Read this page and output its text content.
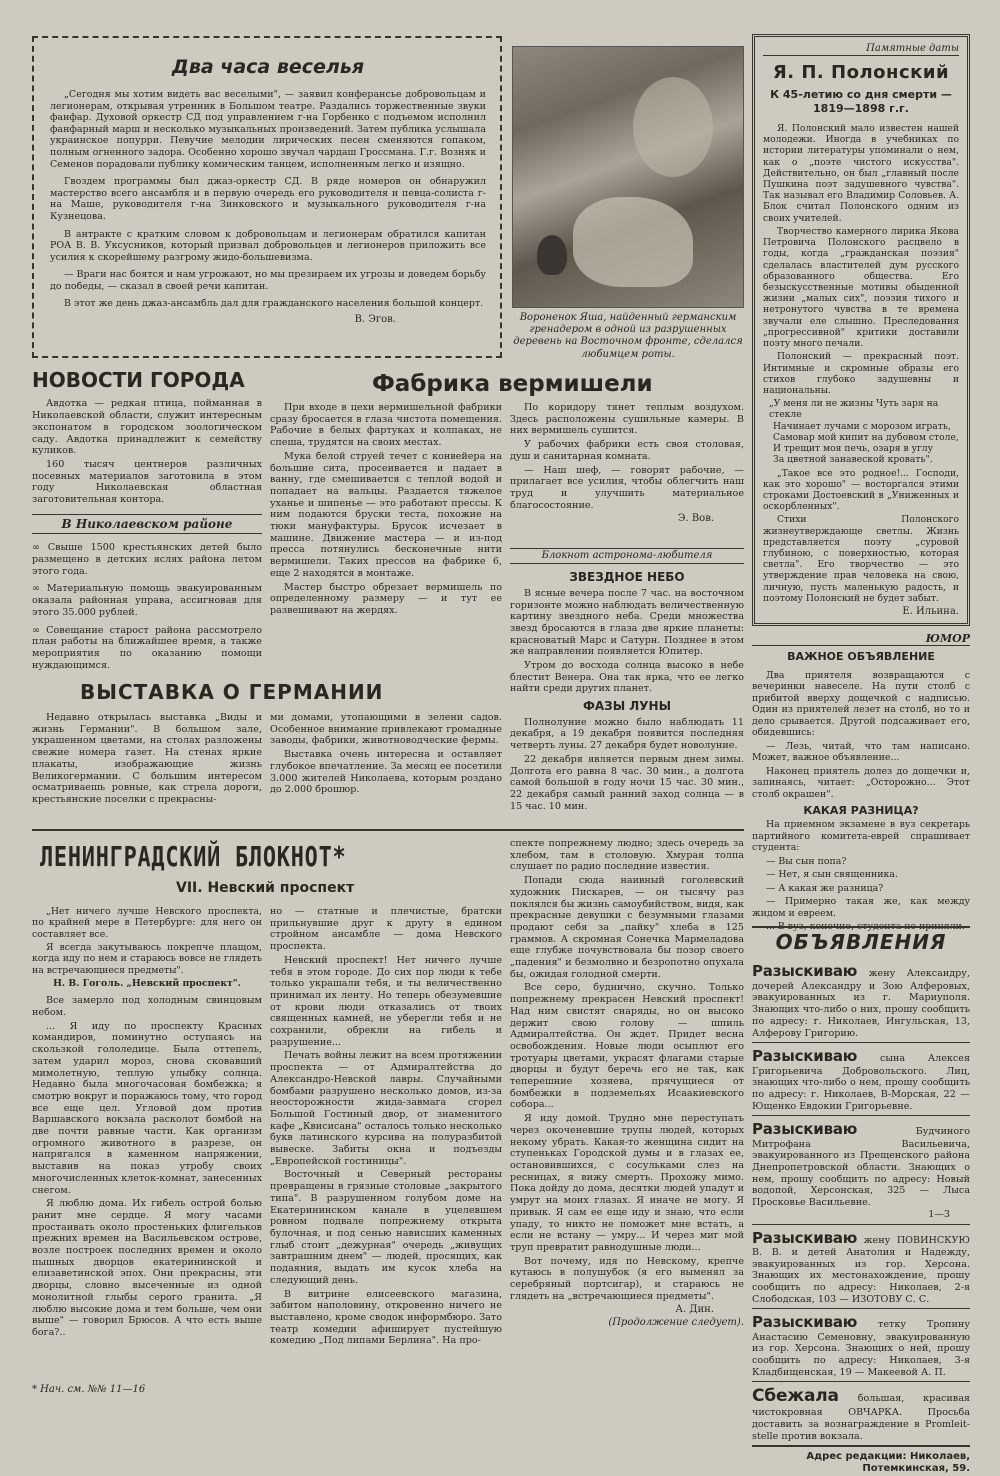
Два часа веселья

„Сегодня мы хотим видеть вас веселыми", — заявил конферансье добровольцам и легионерам, открывая утренник в Большом театре. Раздались торжественные звуки фанфар. Духовой оркестр СД под управлением г-на Горбенко с подъемом исполнил фанфарный марш и несколько музыкальных произведений. Затем публика услышала украинское попурри. Певучие мелодии лирических песен сменяются гопаком, полным огненного задора. Особенно хорошо звучал чардаш Гроссмана. Г.г. Возняк и Семенов порадовали публику комическим танцем, исполненным легко и изящно.

Гвоздем программы был джаз-оркестр СД. В ряде номеров он обнаружил мастерство всего ансамбля и в первую очередь его руководителя и певца-солиста г-на Маше, руководителя г-на Зинковского и музыкального руководителя г-на Кузнецова.

В антракте с кратким словом к добровольцам и легионерам обратился капитан РОА В. В. Уксусников, который призвал добровольцев и легионеров приложить все усилия к скорейшему разгрому жидо-большевизма.

— Враги нас боятся и нам угрожают, но мы презираем их угрозы и доведем борьбу до победы, — сказал в своей речи капитан.

В этот же день джаз-ансамбль дал для гражданского населения большой концерт.

В. Эгов.	Вороненок Яша, найденный германским гренадером в одной из разрушенных деревень на Восточном фронте, сделался любимцем роты.
Памятные даты
Я. П. Полонский
К 45-летию со дня смерти — 1819—1898 г.г.

Я. Полонский мало известен нашей молодежи. Иногда в учебниках по истории литературы упоминали о нем, как о „поэте чистого искусства". Действительно, он был „главный после Пушкина поэт задушевного чувства". Так называл его Владимир Соловьев. А. Блок считал Полонского одним из своих учителей.

Творчество камерного лирика Якова Петровича Полонского расцвело в годы, когда „гражданская поэзия" сделалась властителей дум русского образованного общества. Его безыскусственные мотивы обыденной жизни „малых сих", поэзия тихого и нетронутого чувства в те времена звучали еле слышно. Преследования „прогрессивной" критики доставили поэту много печали.

Полонский — прекрасный поэт. Интимные и скромные образы его стихов глубоко задушевны и национальны.

„У меня ли не жизны Чуть заря на стекле
Начинает лучами с морозом играть,
Самовар мой кипит на дубовом столе,
И трещит моя печь, озаря в углу
За цветной занавеской кровать".

„Такое все это родное!... Господи, как это хорошо" — восторгался этими строками Достоевский в „Униженных и оскорбленных".

Стихи Полонского жизнеутверждающе светлы. Жизнь представляется поэту „суровой глубиною, с поверхностью, которая светла". Его творчество — это утверждение прав человека на свою, личную, пусть маленькую радость, и поэтому Полонский не будет забыт.

Е. Ильина.
НОВОСТИ ГОРОДА

Авдотка — редкая птица, пойманная в Николаевской области, служит интересным экспонатом в городском зоологическом саду. Авдотка принадлежит к семейству куликов.

160 тысяч центнеров различных посевных материалов заготовила в этом году Николаевская областная заготовительная контора.

В Николаевском районе

∞ Свыше 1500 крестьянских детей было размещено в детских яслях района летом этого года.

∞ Материальную помощь эвакуированным оказала районная управа, ассигновав для этого 35.000 рублей.

∞ Совещание старост района рассмотрело план работы на ближайшее время, а также мероприятия по оказанию помощи нуждающимся.

Фабрика вермишели

При входе в цехи вермишельной фабрики сразу бросается в глаза чистота помещения. Рабочие в белых фартуках и колпаках, не спеша, трудятся на своих местах.

Мука белой струей течет с конвейера на большие сита, просеивается и падает в ванну, где смешивается с теплой водой и попадает на вальцы. Раздается тяжелое уханье и шипенье — это работают прессы. К ним подаются бруски теста, похожие на тюки мануфактуры. Брусок исчезает в машине. Движение мастера — и из-под пресса потянулись бесконечные нити вермишели. Таких прессов на фабрике 6, еще 2 находятся в монтаже.

Мастер быстро обрезает вермишель по определенному размеру — и тут ее развешивают на жердях.

По коридору тянет теплым воздухом. Здесь расположены сушильные камеры. В них вермишель сушится.

У рабочих фабрики есть своя столовая, душ и санитарная комната.

— Наш шеф, — говорят рабочие, — прилагает все усилия, чтобы облегчить наш труд и улучшить материальное благосостояние.

Э. Вов.
Блокнот астронома-любителя
ЗВЕЗДНОЕ НЕБО

В ясные вечера после 7 час. на восточном горизонте можно наблюдать величественную картину звездного неба. Среди множества звезд бросаются в глаза две яркие планеты: красноватый Марс и Сатурн. Позднее в этом же направлении появляется Юпитер.

Утром до восхода солнца высоко в небе блестит Венера. Она так ярка, что ее легко найти среди других планет.

ФАЗЫ ЛУНЫ

Полнолуние можно было наблюдать 11 декабря, а 19 декабря появится последняя четверть луны. 27 декабря будет новолуние.

22 декабря является первым днем зимы. Долгота его равна 8 час. 30 мин., а долгота самой большой в году ночи 15 час. 30 мин., 22 декабря самый ранний заход солнца — в 15 час. 10 мин.

ВЫСТАВКА О ГЕРМАНИИ

Недавно открылась выставка „Виды и жизнь Германии". В большом зале, украшенном цветами, на столах разложены свежие номера газет. На стенах яркие плакаты, изображающие жизнь Великогермании. С большим интересом осматриваешь ровные, как стрела дороги, крестьянские поселки с прекрасны-

ми домами, утопающими в зелени садов. Особенное внимание привлекают громадные заводы, фабрики, животноводческие фермы.

Выставка очень интересна и оставляет глубокое впечатление. За месяц ее посетили 3.000 жителей Николаева, которым роздано до 2.000 брошюр.

ЮМОР
ВАЖНОЕ ОБЪЯВЛЕНИЕ

Два приятеля возвращаются с вечеринки навеселе. На пути столб с прибитой вверху дощечкой с надписью. Один из приятелей лезет на столб, но то и дело срывается. Другой подсаживает его, обидевшись:

— Лезь, читай, что там написано. Может, важное объявление...

Наконец приятель долез до дощечки и, запинаясь, читает: „Осторожно... Этот столб окрашен".

КАКАЯ РАЗНИЦА?

На приемном экзамене в вуз секретарь партийного комитета-еврей спрашивает студента:

— Вы сын попа?

— Нет, я сын священника.

— А какая же разница?

— Примерно такая же, как между жидом и евреем.

ЛЕНИНГРАДСКИЙ БЛОКНОТ*
VII. Невский проспект

„Нет ничего лучше Невского проспекта, по крайней мере в Петербурге: для него он составляет все.

Я всегда закутываюсь покрепче плащом, когда иду по нем и стараюсь вовсе не глядеть на встречающиеся предметы".

Н. В. Гоголь. „Невский проспект".

Все замерло под холодным свинцовым небом.

... Я иду по проспекту Красных командиров, поминутно оступаясь на скользкой гололедице. Была оттепель, затем ударил мороз, снова сковавший мимолетную, теплую улыбку солнца. Недавно была многочасовая бомбежка; я смотрю вокруг и поражаюсь тому, что город все еще цел. Угловой дом против Варшавского вокзала расколот бомбой на две почти равные части. Как организм огромного животного в разрезе, он напрягался в каменном напряжении, выставив на показ утробу своих многочисленных клеток-комнат, занесенных снегом.

Я люблю дома. Их гибель острой болью ранит мне сердце. Я могу часами простаивать около простеньких флигельков прежних времен на Васильевском острове, возле построек последних времен и около пышных дворцов екатерининской и елизаветинской эпох. Они прекрасны, эти дворцы, словно высеченные из одной монолитной глыбы серого гранита. „Я люблю высокие дома и тем больше, чем они выше" — говорил Брюсов. А что есть выше бога?..

* Нач. см. №№ 11—16

но — статные и плечистые, братски прильнувшие друг к другу в едином стройном ансамбле — дома Невского проспекта.

Невский проспект! Нет ничего лучше тебя в этом городе. До сих пор люди к тебе только украшали тебя, и ты величественно принимал их ленту. Но теперь обезумевшие от крови люди отказались от твоих священных камней, не уберегли тебя и не сохранили, обрекли на гибель и разрушение...

Печать войны лежит на всем протяжении проспекта — от Адмиралтейства до Александро-Невской лавры. Случайными бомбами разрушено несколько домов, из-за неосторожности жида-завмага сгорел Большой Гостиный двор, от знаменитого кафе „Квисисана" осталось только несколько букв латинского курсива на полуразбитой вывеске. Забиты окна и подъезды „Европейской гостиницы".

Восточный и Северный рестораны превращены в грязные столовые „закрытого типа". В разрушенном голубом доме на Екатерининском канале в уцелевшем ровном подвале попрежнему открыта булочная, и под сенью нависших каменных глыб стоит „дежурная" очередь „живущих завтрашним днем" — людей, просящих, как подаяния, выдать им кусок хлеба на следующий день.

В витрине елисеевского магазина, забитом наполовину, откровенно ничего не выставлено, кроме сводок информбюро. Зато театр комедии афиширует пустейшую комедию „Под липами Берлина". На про-

спекте попрежнему людно; здесь очередь за хлебом, там в столовую. Хмурая толпа слушает по радио последние известия.

Попади сюда наивный гоголевский художник Пискарев, — он тысячу раз поклялся бы жизнь самоубийством, видя, как прекрасные девушки с безумными глазами продают себя за „пайку" хлеба в 125 граммов. А скромная Сонечка Мармеладова еще глубже почувствовала бы позор своего „падения" и безмолвно и безропотно опухала бы, ожидая голодной смерти.

Все серо, буднично, скучно. Только попрежнему прекрасен Невский проспект! Над ним свистят снаряды, но он высоко держит свою голову — шпиль Адмиралтейства. Он ждет. Придет весна освобождения. Новые люди осыплют его тротуары цветами, украсят флагами старые дворцы и будут беречь его не так, как теперешние хозяева, прячущиеся от бомбежки в подземельях Исаакиевского собора...

Я иду домой. Трудно мне переступать через окоченевшие трупы людей, которых некому убрать. Какая-то женщина сидит на ступеньках Городской думы и в глазах ее, остановившихся, с сосульками слез на ресницах, я вижу смерть. Прохожу мимо. Пока дойду до дома, десятки людей упадут и умрут на моих глазах. Я иначе не могу. Я привык. Я сам ее еще иду и знаю, что если упаду, то никто не поможет мне встать, а если не встану — умру... И через миг мой труп превратит равнодушные люди...

Вот почему, идя по Невскому, крепче кутаюсь в полушубок (я его выменял за серебряный портсигар), и стараюсь не глядеть на „встречающиеся предметы".

А. Дин.
(Продолжение следует).
ОБЪЯВЛЕНИЯ
Разыскиваю жену Александру, дочерей Александру и Зою Алферовых, эвакуированных из г. Мариуполя. Знающих что-либо о них, прошу сообщить по адресу: г. Николаев, Ингульская, 13, Алферову Григорию.
Разыскиваю сына Алексея Григорьевича Добровольского. Лиц, знающих что-либо о нем, прошу сообщить по адресу: г. Николаев, В-Морская, 22 — Ющенко Евдокии Григорьевне.
Разыскиваю	Будчиного Митрофана Васильевича, эвакуированного из Прещенского района Днепропетровской области. Знающих о нем, прошу сообщить по адресу: Новый водопой, Херсонская, 325 — Лыса Просковье Васильевне.
1—3
Разыскиваю жену ПОВИНСКУЮ В. В. и детей Анатолия и Надежду, эвакуированных из гор. Херсона. Знающих их местонахождение, прошу сообщить по адресу: Николаев, 2-я Слободская, 103 — ИЗОТОВУ С. С.
Разыскиваю тетку Тропину Анастасию Семеновну, эвакуированную из гор. Херсона. Знающих о ней, прошу сообщить по адресу: Николаев, 3-я Кладбищенская, 19 — Макеевой А. П.
Сбежала большая, красивая чистокровная ОВЧАРКА. Просьба доставить за вознаграждение в Promleit-stelle против вокзала.
Адрес редакции: Николаев, Потемкинская, 59.
